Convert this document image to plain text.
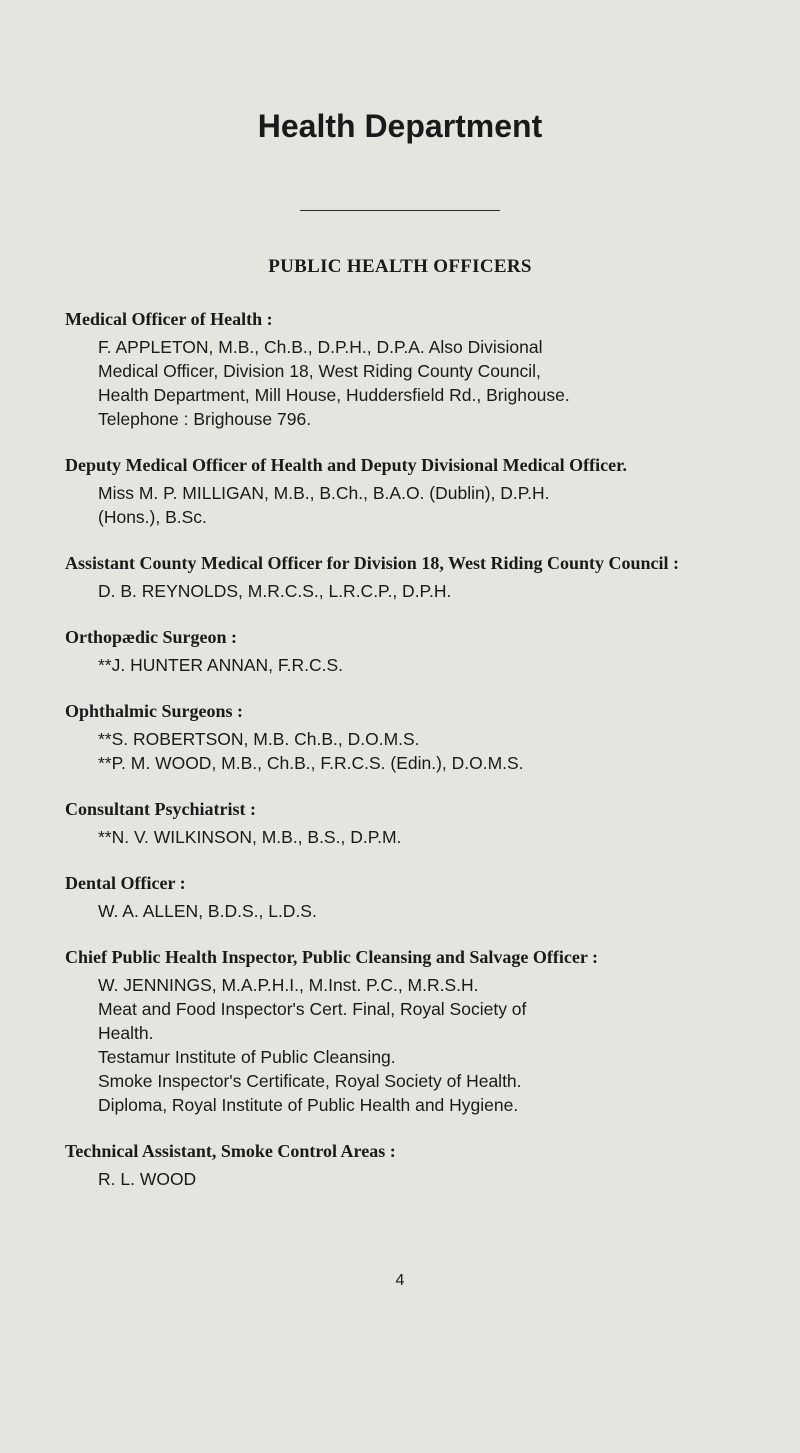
Health Department
PUBLIC HEALTH OFFICERS

Medical Officer of Health :

F. APPLETON, M.B., Ch.B., D.P.H., D.P.A. Also Divisional
Medical Officer, Division 18, West Riding County Council,
Health Department, Mill House, Huddersfield Rd., Brighouse.
Telephone : Brighouse 796.

Deputy Medical Officer of Health and Deputy Divisional Medical Officer.

Miss M. P. MILLIGAN, M.B., B.Ch., B.A.O. (Dublin), D.P.H.
(Hons.), B.Sc.

Assistant County Medical Officer for Division 18, West Riding County Council :

D. B. REYNOLDS, M.R.C.S., L.R.C.P., D.P.H.

Orthopædic Surgeon :

**J. HUNTER ANNAN, F.R.C.S.

Ophthalmic Surgeons :

**S. ROBERTSON, M.B. Ch.B., D.O.M.S.
**P. M. WOOD, M.B., Ch.B., F.R.C.S. (Edin.), D.O.M.S.

Consultant Psychiatrist :

**N. V. WILKINSON, M.B., B.S., D.P.M.

Dental Officer :

W. A. ALLEN, B.D.S., L.D.S.

Chief Public Health Inspector, Public Cleansing and Salvage Officer :

W. JENNINGS, M.A.P.H.I., M.Inst. P.C., M.R.S.H.
Meat and Food Inspector's Cert. Final, Royal Society of
Health.
Testamur Institute of Public Cleansing.
Smoke Inspector's Certificate, Royal Society of Health.
Diploma, Royal Institute of Public Health and Hygiene.

Technical Assistant, Smoke Control Areas :

R. L. WOOD

4
